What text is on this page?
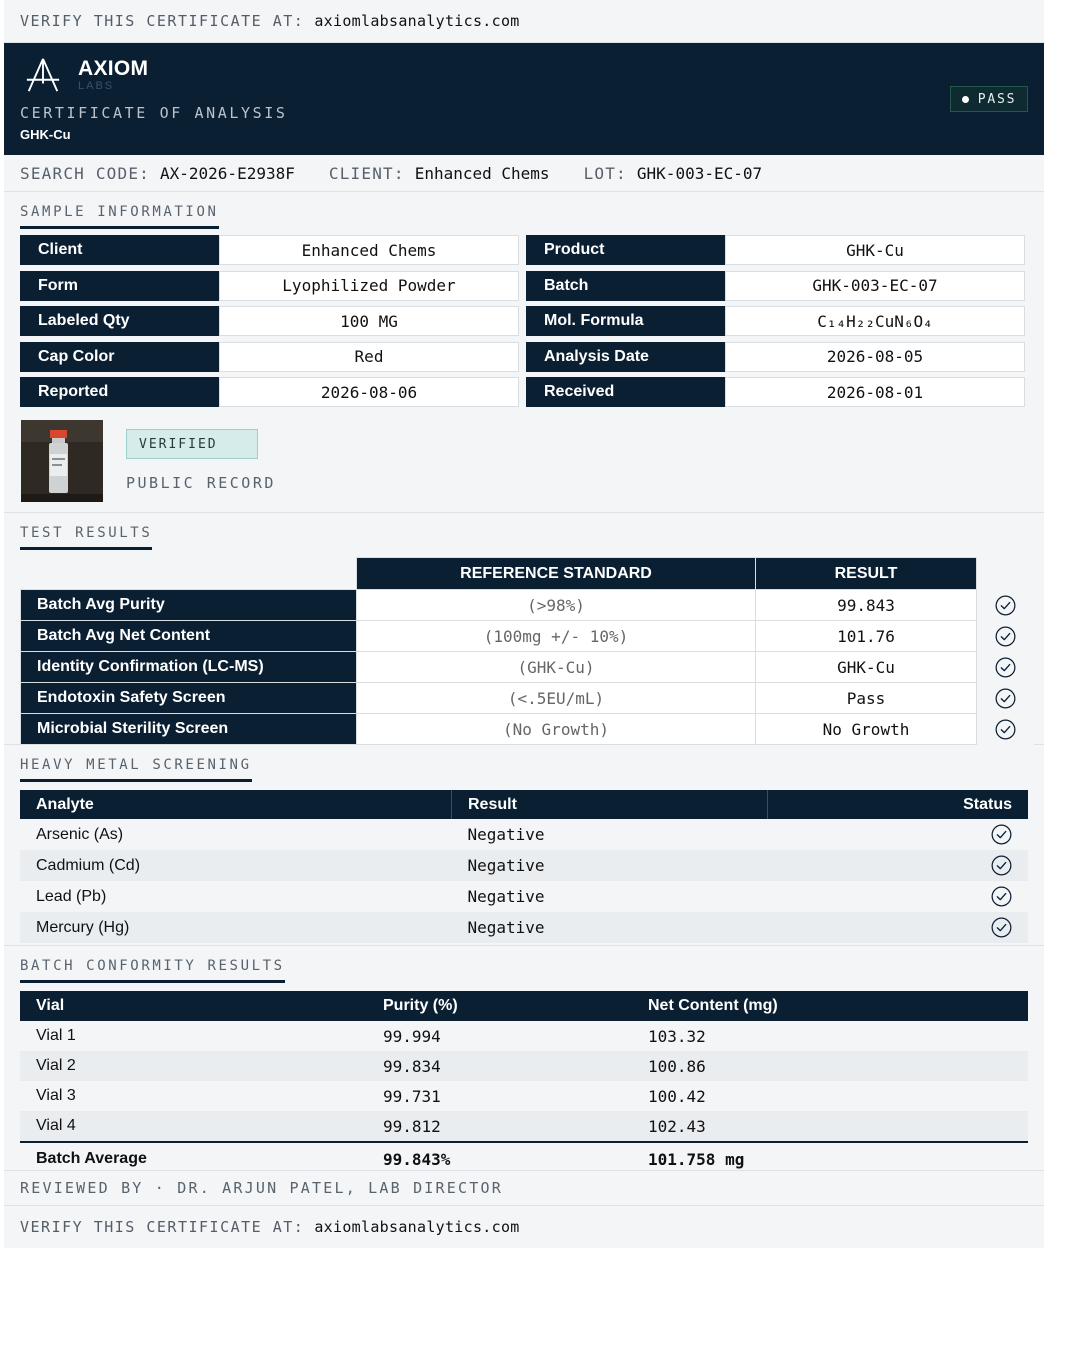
VERIFY THIS CERTIFICATE AT: axiomlabsanalytics.com
AXIOM
LABS
CERTIFICATE OF ANALYSIS
GHK-Cu
PASS
SEARCH CODE: AX-2026-E2938F CLIENT: Enhanced Chems LOT: GHK-003-EC-07
SAMPLE INFORMATION
Client	Enhanced Chems	Product	GHK-Cu
Form	Lyophilized Powder	Batch	GHK-003-EC-07
Labeled Qty	100 MG	Mol. Formula	C₁₄H₂₂CuN₆O₄
Cap Color	Red	Analysis Date	2026-08-05
Reported	2026-08-06	Received	2026-08-01
VERIFIED
PUBLIC RECORD
TEST RESULTS
	REFERENCE STANDARD	RESULT	
Batch Avg Purity	(>98%)	99.843	
Batch Avg Net Content	(100mg +/- 10%)	101.76	
Identity Confirmation (LC-MS)	(GHK-Cu)	GHK-Cu	
Endotoxin Safety Screen	(<.5EU/mL)	Pass	
Microbial Sterility Screen	(No Growth)	No Growth	
HEAVY METAL SCREENING
Analyte	Result	Status
Arsenic (As)	Negative	
Cadmium (Cd)	Negative	
Lead (Pb)	Negative	
Mercury (Hg)	Negative	
BATCH CONFORMITY RESULTS
Vial	Purity (%)	Net Content (mg)
Vial 1	99.994	103.32
Vial 2	99.834	100.86
Vial 3	99.731	100.42
Vial 4	99.812	102.43
Batch Average	99.843%	101.758 mg
REVIEWED BY · DR. ARJUN PATEL, LAB DIRECTOR
VERIFY THIS CERTIFICATE AT: axiomlabsanalytics.com
